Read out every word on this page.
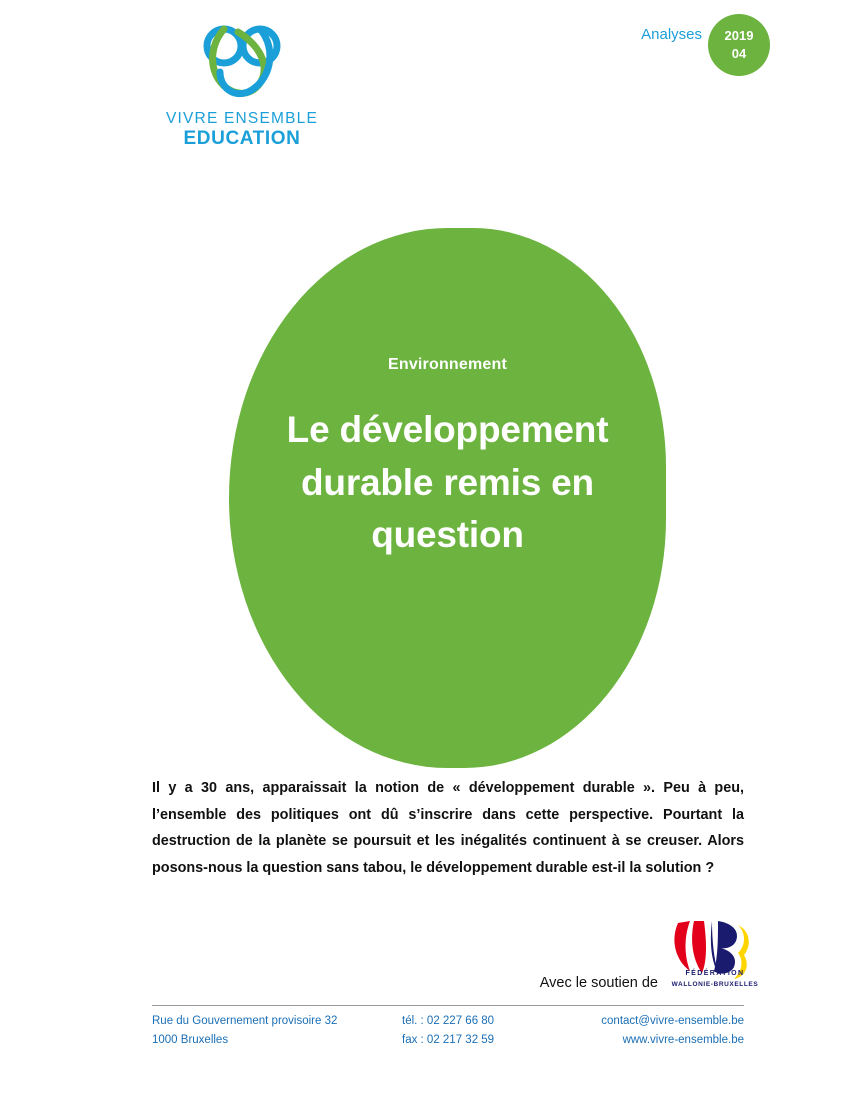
VIVRE ENSEMBLE
EDUCATION
Analyses 2019
04
Environnement
Le développement durable remis en question
Il y a 30 ans, apparaissait la notion de « développement durable ». Peu à peu, l’ensemble des politiques ont dû s’inscrire dans cette perspective. Pourtant la destruction de la planète se poursuit et les inégalités continuent à se creuser. Alors posons-nous la question sans tabou, le développement durable est-il la solution ?
Avec le soutien de
FÉDÉRATION
WALLONIE-BRUXELLES
Rue du Gouvernement provisoire 32
1000 Bruxelles
tél. : 02 227 66 80
fax : 02 217 32 59
contact@vivre-ensemble.be
www.vivre-ensemble.be
